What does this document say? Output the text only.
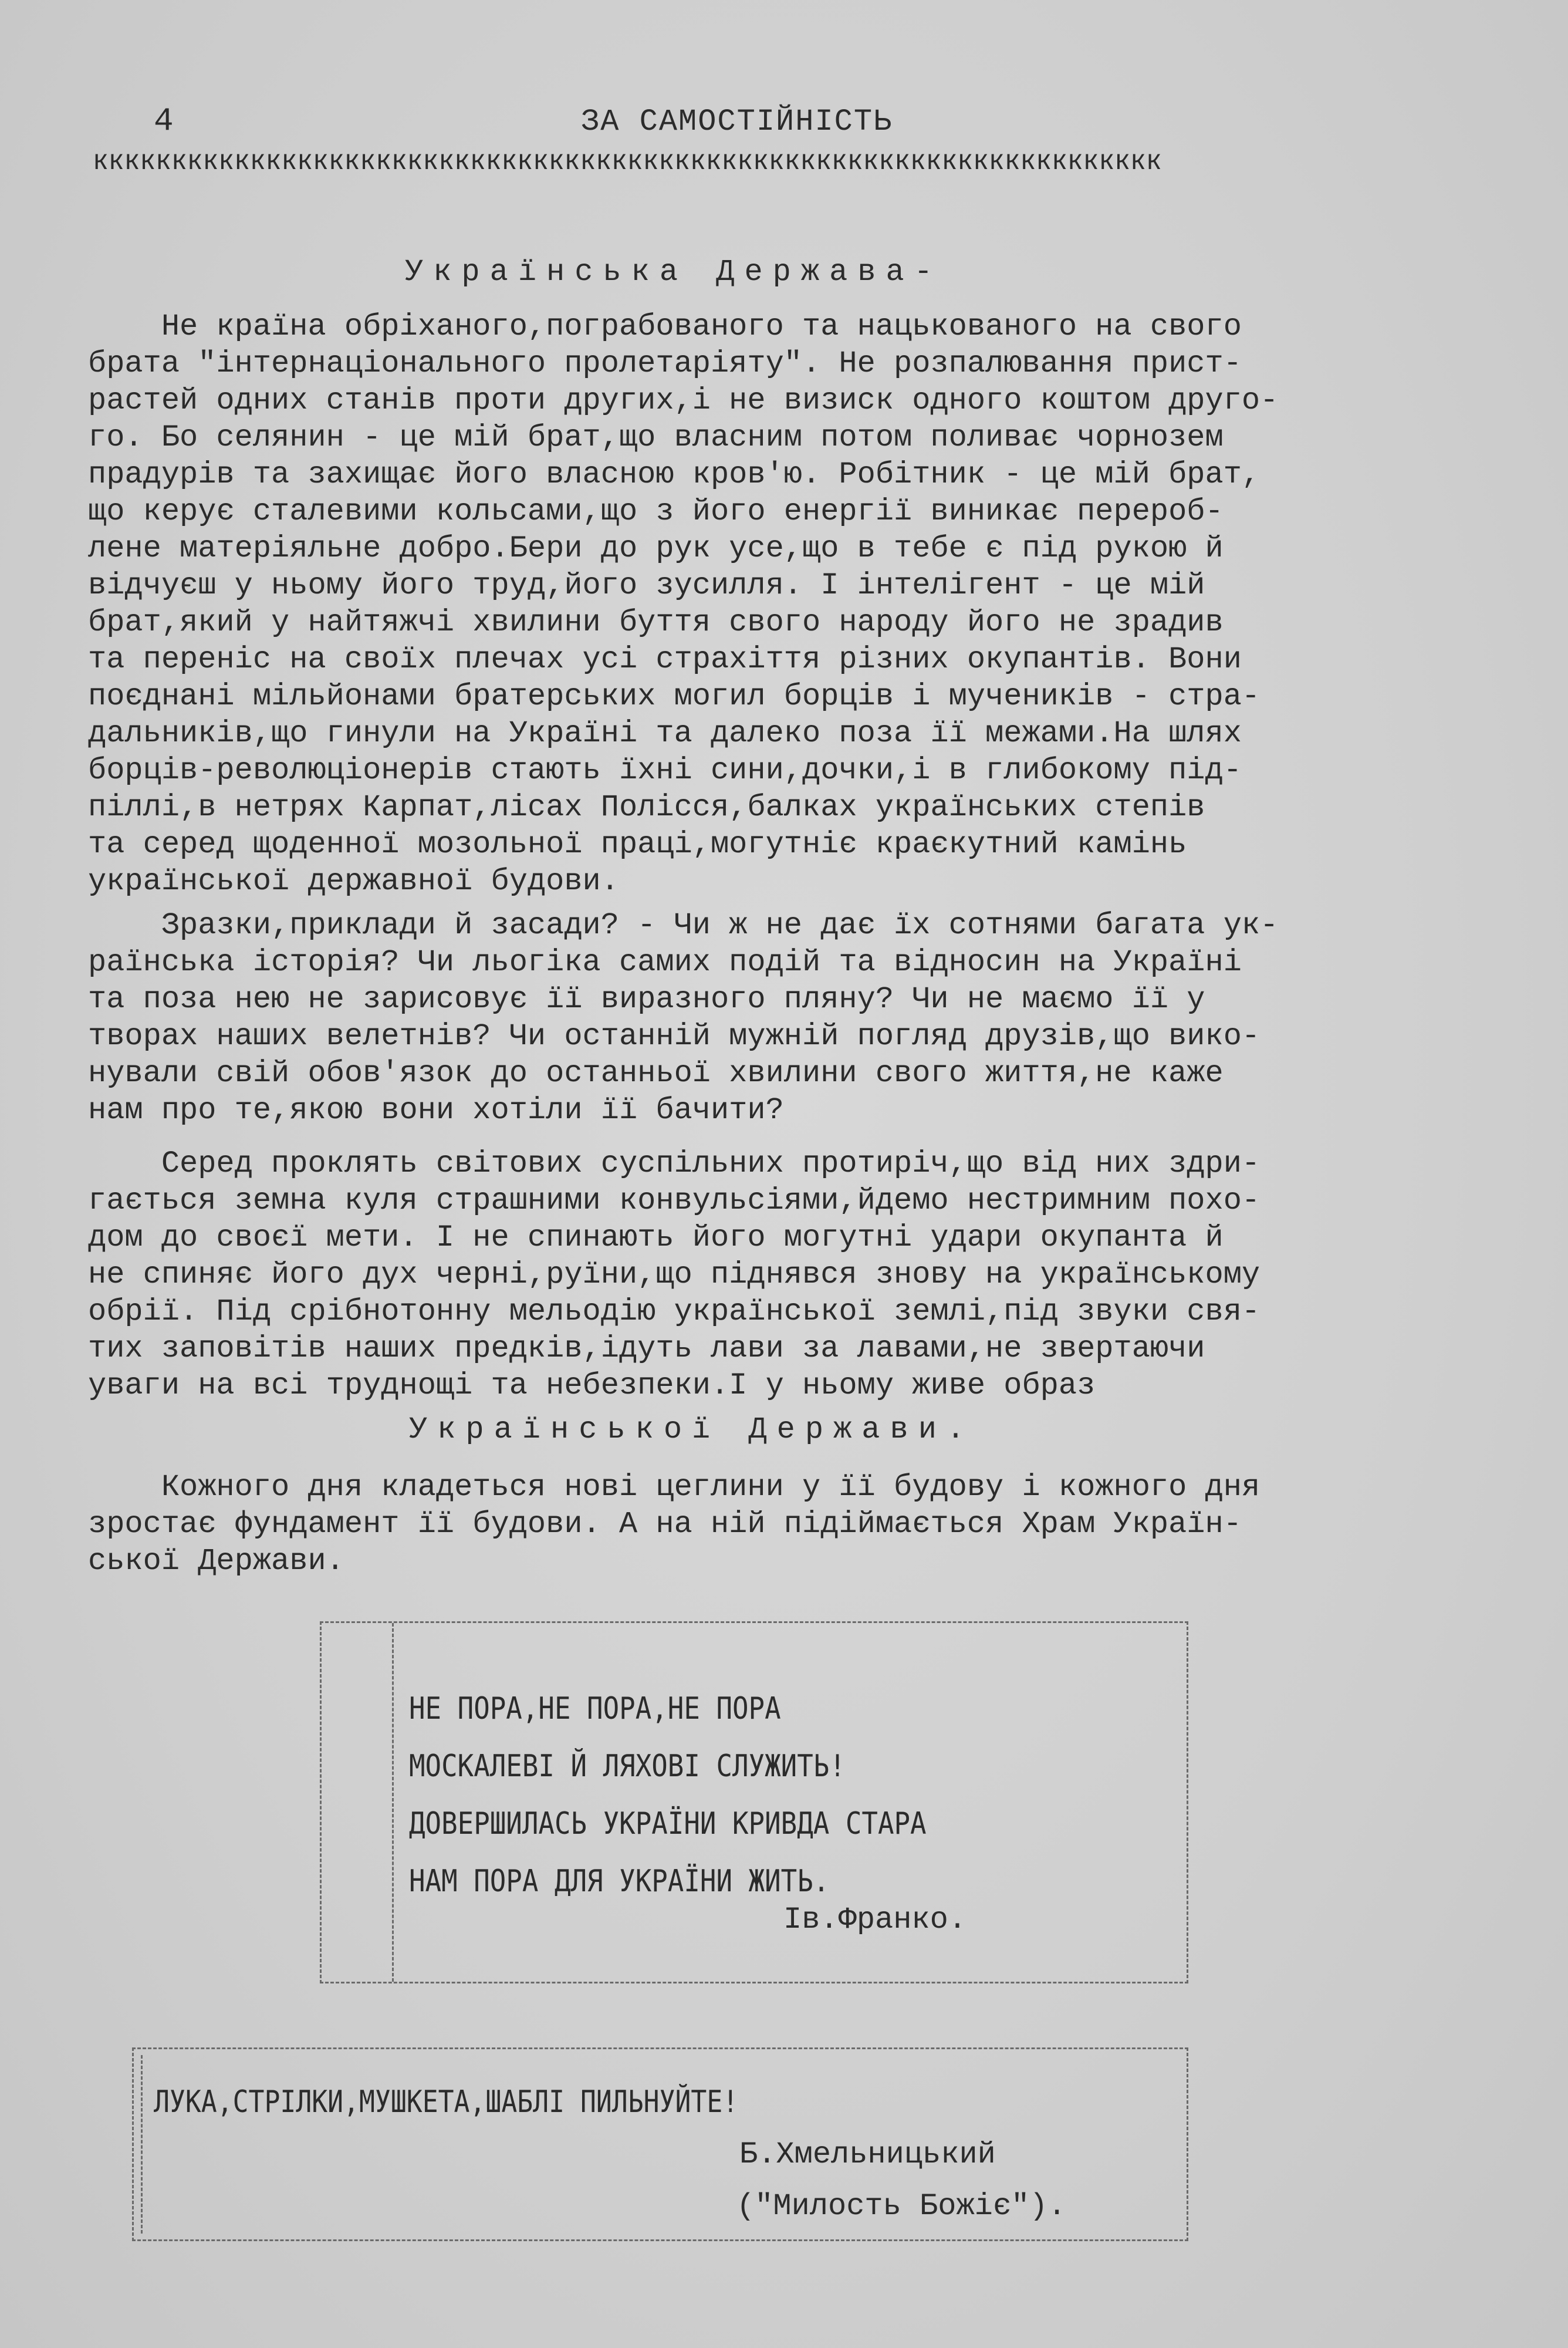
4	ЗА САМОСТІЙНІСТЬ

кккккккккккккккккккккккккккккккккккккккккккккккккккккккккккккккккккк

Українська Держава-

Не країна обріханого,пограбованого та нацькованого на свого
брата "інтернаціонального пролетаріяту". Не розпалювання прист-
растей одних станів проти других,і не визиск одного коштом друго-
го. Бо селянин - це мій брат,що власним потом поливає чорнозем
прадурів та захищає його власною кров'ю. Робітник - це мій брат,
що керує сталевими кольсами,що з його енергії виникає перероб-
лене матеріяльне добро.Бери до рук усе,що в тебе є під рукою й
відчуєш у ньому його труд,його зусилля. І інтелігент - це мій
брат,який у найтяжчі хвилини буття свого народу його не зрадив
та переніс на своїх плечах усі страхіття різних окупантів. Вони
поєднані мільйонами братерських могил борців і мучеників - стра-
дальників,що гинули на Україні та далеко поза її межами.На шлях
борців-революціонерів стають їхні сини,дочки,і в глибокому під-
піллі,в нетрях Карпат,лісах Полісся,балках українських степів
та серед щоденної мозольної праці,могутніє краєкутний камінь
української державної будови.

Зразки,приклади й засади? - Чи ж не дає їх сотнями багата ук-
раїнська історія? Чи льогіка самих подій та відносин на Україні
та поза нею не зарисовує її виразного пляну? Чи не маємо її у
творах наших велетнів? Чи останній мужній погляд друзів,що вико-
нували свій обов'язок до останньої хвилини свого життя,не каже
нам про те,якою вони хотіли її бачити?

Серед проклять світових суспільних протиріч,що від них здри-
гається земна куля страшними конвульсіями,йдемо нестримним похо-
дом до своєї мети. І не спинають його могутні удари окупанта й
не спиняє його дух черні,руїни,що піднявся знову на українському
обрії. Під срібнотонну мельодію української землі,під звуки свя-
тих заповітів наших предків,ідуть лави за лавами,не звертаючи
уваги на всі труднощі та небезпеки.І у ньому живе образ

Української Держави.

Кожного дня кладеться нові цеглини у її будову і кожного дня
зростає фундамент її будови. А на ній підіймається Храм Україн-
ської Держави.

НЕ ПОРА,НЕ ПОРА,НЕ ПОРА
МОСКАЛЕВІ Й ЛЯХОВІ СЛУЖИТЬ!
ДОВЕРШИЛАСЬ УКРАЇНИ КРИВДА СТАРА
НАМ ПОРА ДЛЯ УКРАЇНИ ЖИТЬ.

Ів.Франко.

ЛУКА,СТРІЛКИ,МУШКЕТА,ШАБЛІ ПИЛЬНУЙТЕ!

Б.Хмельницький

("Милость Божіє").
